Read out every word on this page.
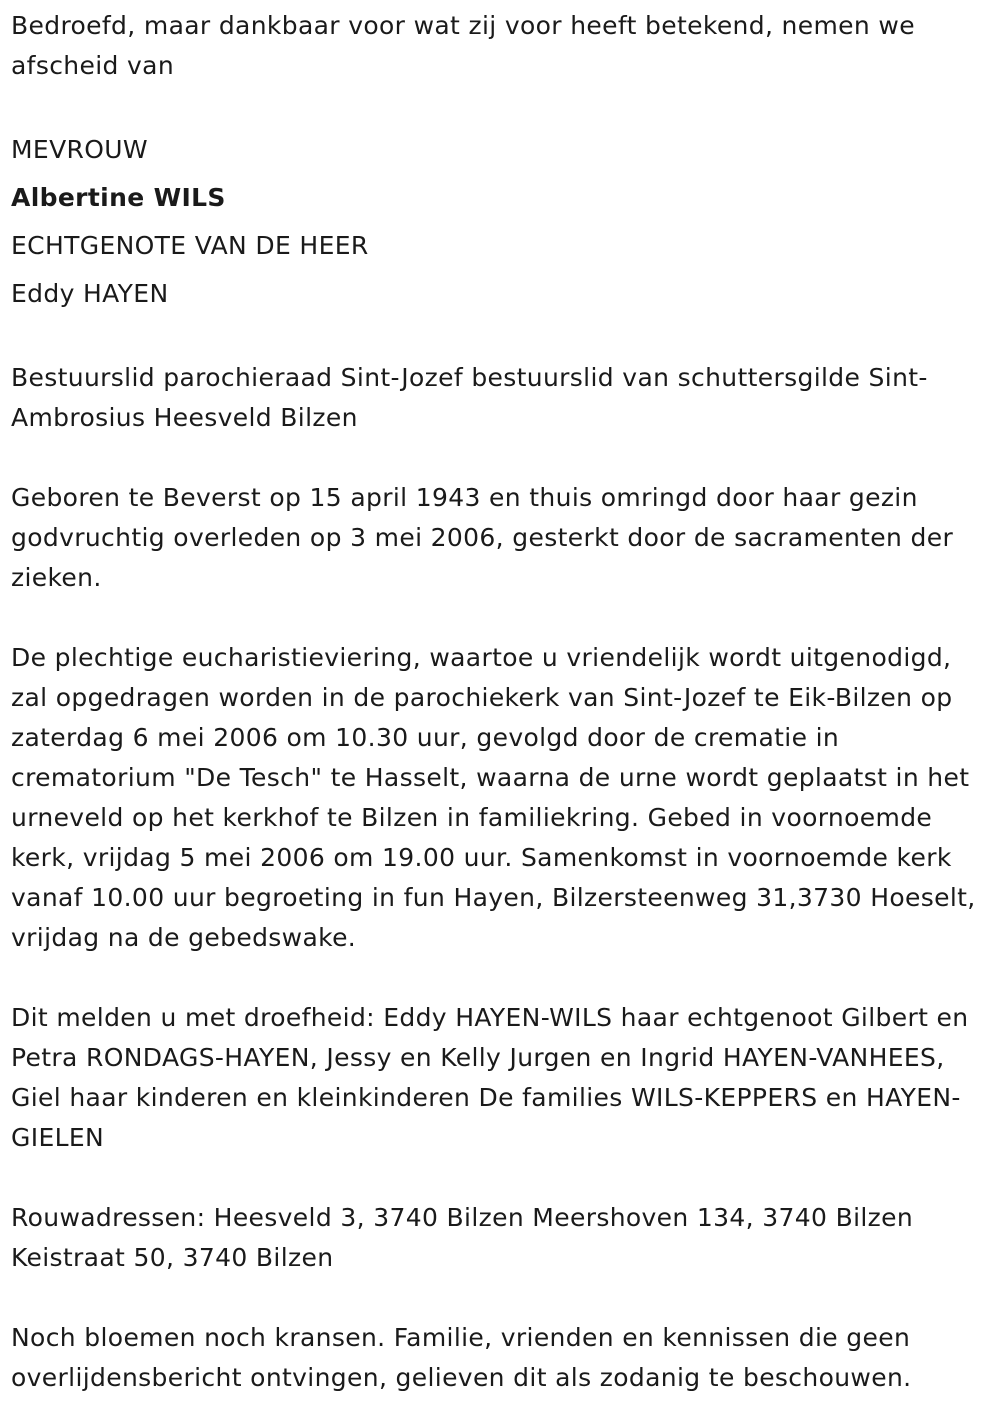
Bedroefd, maar dankbaar voor wat zij voor heeft betekend, nemen we afscheid van

MEVROUW
Albertine WILS
ECHTGENOTE VAN DE HEER
Eddy HAYEN

Bestuurslid parochieraad Sint-Jozef bestuurslid van schuttersgilde Sint-Ambrosius Heesveld Bilzen

Geboren te Beverst op 15 april 1943 en thuis omringd door haar gezin godvruchtig overleden op 3 mei 2006, gesterkt door de sacramenten der zieken.

De plechtige eucharistieviering, waartoe u vriendelijk wordt uitgenodigd, zal opgedragen worden in de parochiekerk van Sint-Jozef te Eik-Bilzen op zaterdag 6 mei 2006 om 10.30 uur, gevolgd door de crematie in crematorium "De Tesch" te Hasselt, waarna de urne wordt geplaatst in het urneveld op het kerkhof te Bilzen in familiekring. Gebed in voornoemde kerk, vrijdag 5 mei 2006 om 19.00 uur. Samenkomst in voornoemde kerk vanaf 10.00 uur begroeting in fun Hayen, Bilzersteenweg 31,3730 Hoeselt, vrijdag na de gebedswake.

Dit melden u met droefheid: Eddy HAYEN-WILS haar echtgenoot Gilbert en Petra RONDAGS-HAYEN, Jessy en Kelly Jurgen en Ingrid HAYEN-VANHEES, Giel haar kinderen en kleinkinderen De families WILS-KEPPERS en HAYEN-GIELEN

Rouwadressen: Heesveld 3, 3740 Bilzen Meershoven 134, 3740 Bilzen Keistraat 50, 3740 Bilzen

Noch bloemen noch kransen. Familie, vrienden en kennissen die geen overlijdensbericht ontvingen, gelieven dit als zodanig te beschouwen.
